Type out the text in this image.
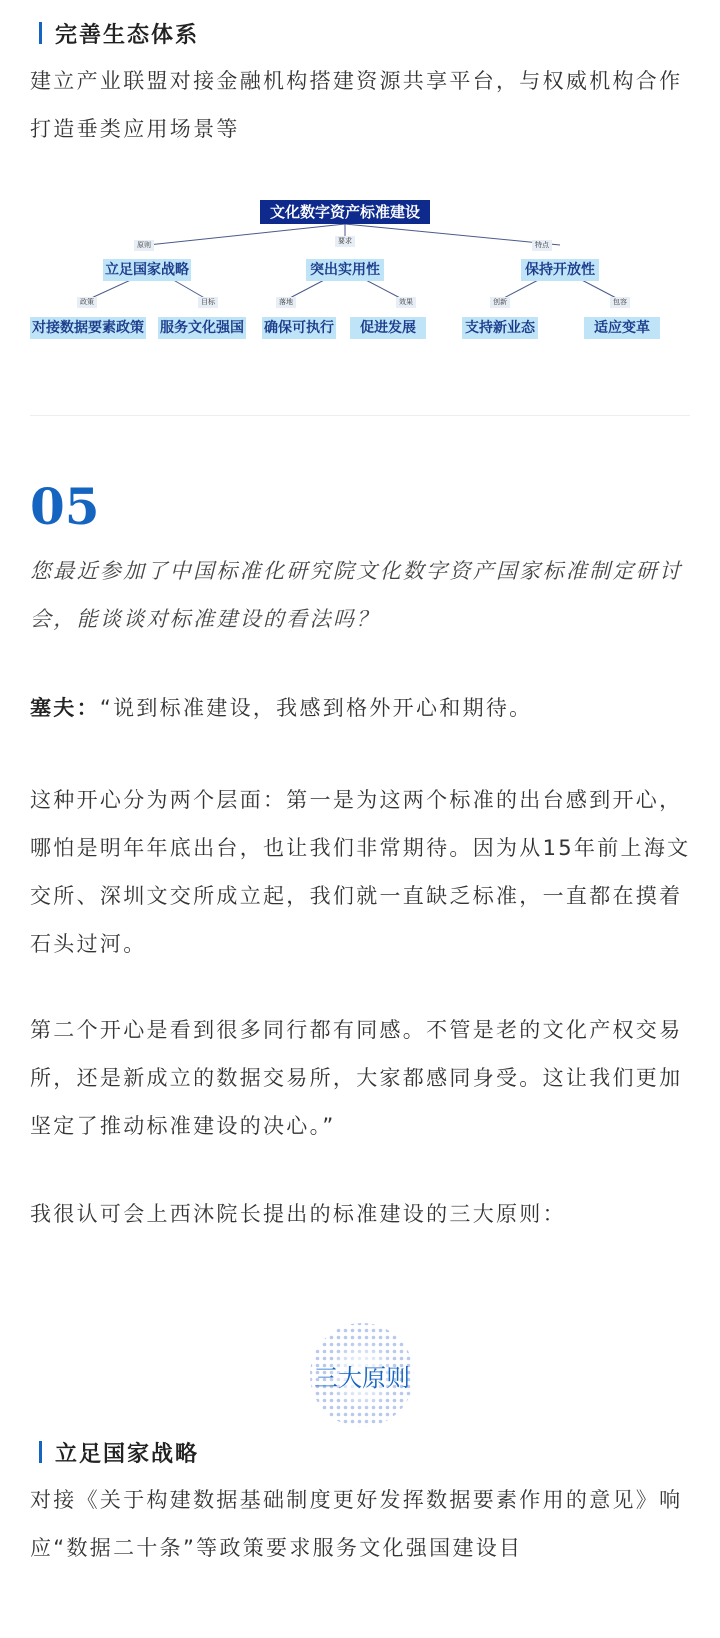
完善生态体系

建立产业联盟对接金融机构搭建资源共享平台，与权威机构合作打造垂类应用场景等

文化数字资产标准建设
原则	要求	特点
立足国家战略	突出实用性	保持开放性
政策	目标	落地	效果	创新	包容
对接数据要素政策 服务文化强国 确保可执行	促进发展	支持新业态	适应变革
05

您最近参加了中国标准化研究院文化数字资产国家标准制定研讨会，能谈谈对标准建设的看法吗？

塞夫：“说到标准建设，我感到格外开心和期待。

这种开心分为两个层面：第一是为这两个标准的出台感到开心，哪怕是明年年底出台，也让我们非常期待。因为从15年前上海文交所、深圳文交所成立起，我们就一直缺乏标准，一直都在摸着石头过河。

第二个开心是看到很多同行都有同感。不管是老的文化产权交易所，还是新成立的数据交易所，大家都感同身受。这让我们更加坚定了推动标准建设的决心。”

我很认可会上西沐院长提出的标准建设的三大原则：

三大原则
立足国家战略

对接《关于构建数据基础制度更好发挥数据要素作用的意见》响应“数据二十条”等政策要求服务文化强国建设目
